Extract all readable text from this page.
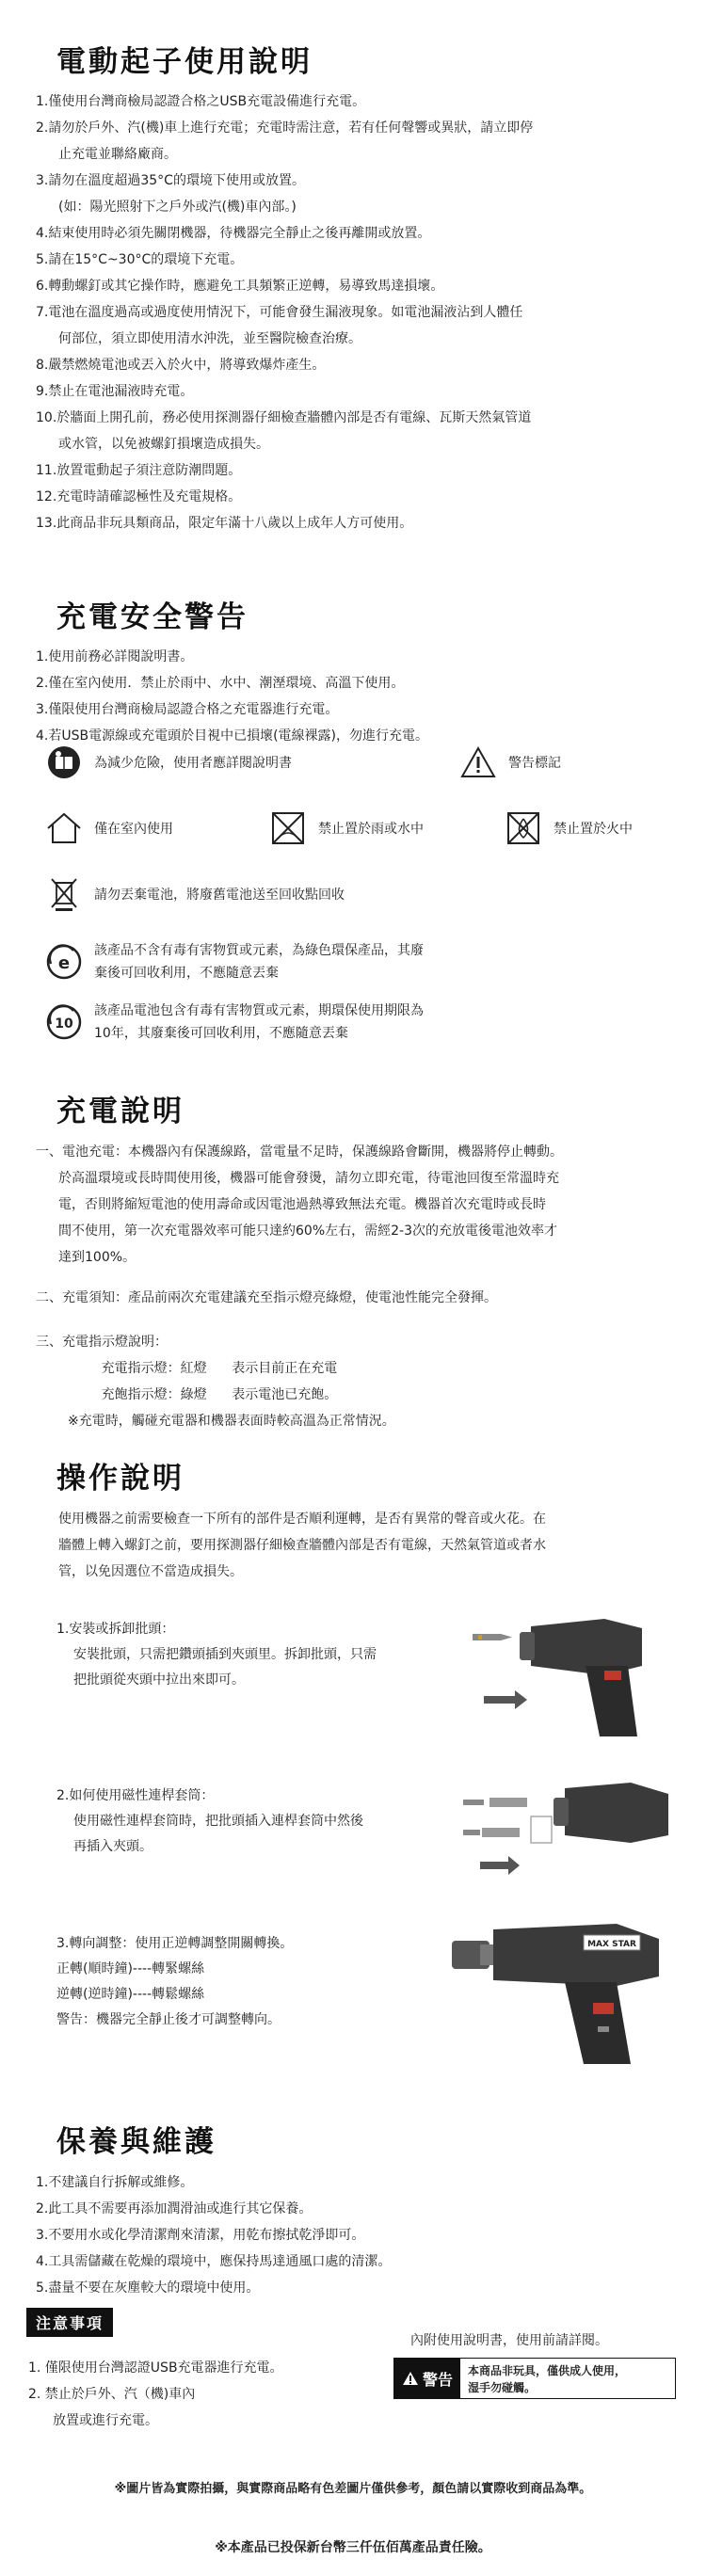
電動起子使用說明
1.僅使用台灣商檢局認證合格之USB充電設備進行充電。
2.請勿於戶外、汽(機)車上進行充電；充電時需注意，若有任何聲響或異狀，請立即停
止充電並聯絡廠商。
3.請勿在溫度超過35°C的環境下使用或放置。
(如：陽光照射下之戶外或汽(機)車內部。)
4.結束使用時必須先關閉機器，待機器完全靜止之後再離開或放置。
5.請在15°C~30°C的環境下充電。
6.轉動螺釘或其它操作時，應避免工具頻繁正逆轉，易導致馬達損壞。
7.電池在溫度過高或過度使用情況下，可能會發生漏液現象。如電池漏液沾到人體任
何部位，須立即使用清水沖洗，並至醫院檢查治療。
8.嚴禁燃燒電池或丟入於火中，將導致爆炸產生。
9.禁止在電池漏液時充電。
10.於牆面上開孔前，務必使用探測器仔細檢查牆體內部是否有電線、瓦斯天然氣管道
或水管，以免被螺釘損壞造成損失。
11.放置電動起子須注意防潮問題。
12.充電時請確認極性及充電規格。
13.此商品非玩具類商品，限定年滿十八歲以上成年人方可使用。
充電安全警告
1.使用前務必詳閱說明書。
2.僅在室內使用．禁止於雨中、水中、潮溼環境、高溫下使用。
3.僅限使用台灣商檢局認證合格之充電器進行充電。
4.若USB電源線或充電頭於目視中已損壞(電線裸露)，勿進行充電。
為減少危險，使用者應詳閱說明書	警告標記
僅在室內使用	禁止置於雨或水中	禁止置於火中
請勿丟棄電池，將廢舊電池送至回收點回收
e
該產品不含有毒有害物質或元素，為綠色環保產品，其廢
棄後可回收利用，不應隨意丟棄
10
該產品電池包含有毒有害物質或元素，期環保使用期限為
10年，其廢棄後可回收利用，不應隨意丟棄
充電說明
一、電池充電：本機器內有保護線路，當電量不足時，保護線路會斷開，機器將停止轉動。
於高溫環境或長時間使用後，機器可能會發燙，請勿立即充電，待電池回復至常溫時充
電，否則將縮短電池的使用壽命或因電池過熱導致無法充電。機器首次充電時或長時
間不使用，第一次充電器效率可能只達約60%左右，需經2-3次的充放電後電池效率才
達到100%。
二、充電須知：產品前兩次充電建議充至指示燈亮綠燈，使電池性能完全發揮。
三、充電指示燈說明：
充電指示燈：紅燈      表示目前正在充電
充飽指示燈：綠燈      表示電池已充飽。
※充電時，觸碰充電器和機器表面時較高溫為正常情況。
操作說明
使用機器之前需要檢查一下所有的部件是否順利運轉，是否有異常的聲音或火花。在
牆體上轉入螺釘之前，要用探測器仔細檢查牆體內部是否有電線，天然氣管道或者水
管，以免因選位不當造成損失。
1.安裝或拆卸批頭：
安裝批頭，只需把鑽頭插到夾頭里。拆卸批頭，只需
把批頭從夾頭中拉出來即可。
2.如何使用磁性連桿套筒：
使用磁性連桿套筒時，把批頭插入連桿套筒中然後
再插入夾頭。
3.轉向調整：使用正逆轉調整開關轉換。
正轉(順時鐘)----轉緊螺絲
逆轉(逆時鐘)----轉鬆螺絲
警告：機器完全靜止後才可調整轉向。
MAX STAR
保養與維護
1.不建議自行拆解或維修。
2.此工具不需要再添加潤滑油或進行其它保養。
3.不要用水或化學清潔劑來清潔，用乾布擦拭乾淨即可。
4.工具需儲藏在乾燥的環境中，應保持馬達通風口處的清潔。
5.盡量不要在灰塵較大的環境中使用。
注意事項
1. 僅限使用台灣認證USB充電器進行充電。
2. 禁止於戶外、汽（機)車內
放置或進行充電。
內附使用說明書，使用前請詳閱。
警告 本商品非玩具，僅供成人使用，
湿手勿碰觸。
※圖片皆為實際拍攝，與實際商品略有色差圖片僅供參考，顏色請以實際收到商品為準。
※本產品已投保新台幣三仟伍佰萬產品責任險。
